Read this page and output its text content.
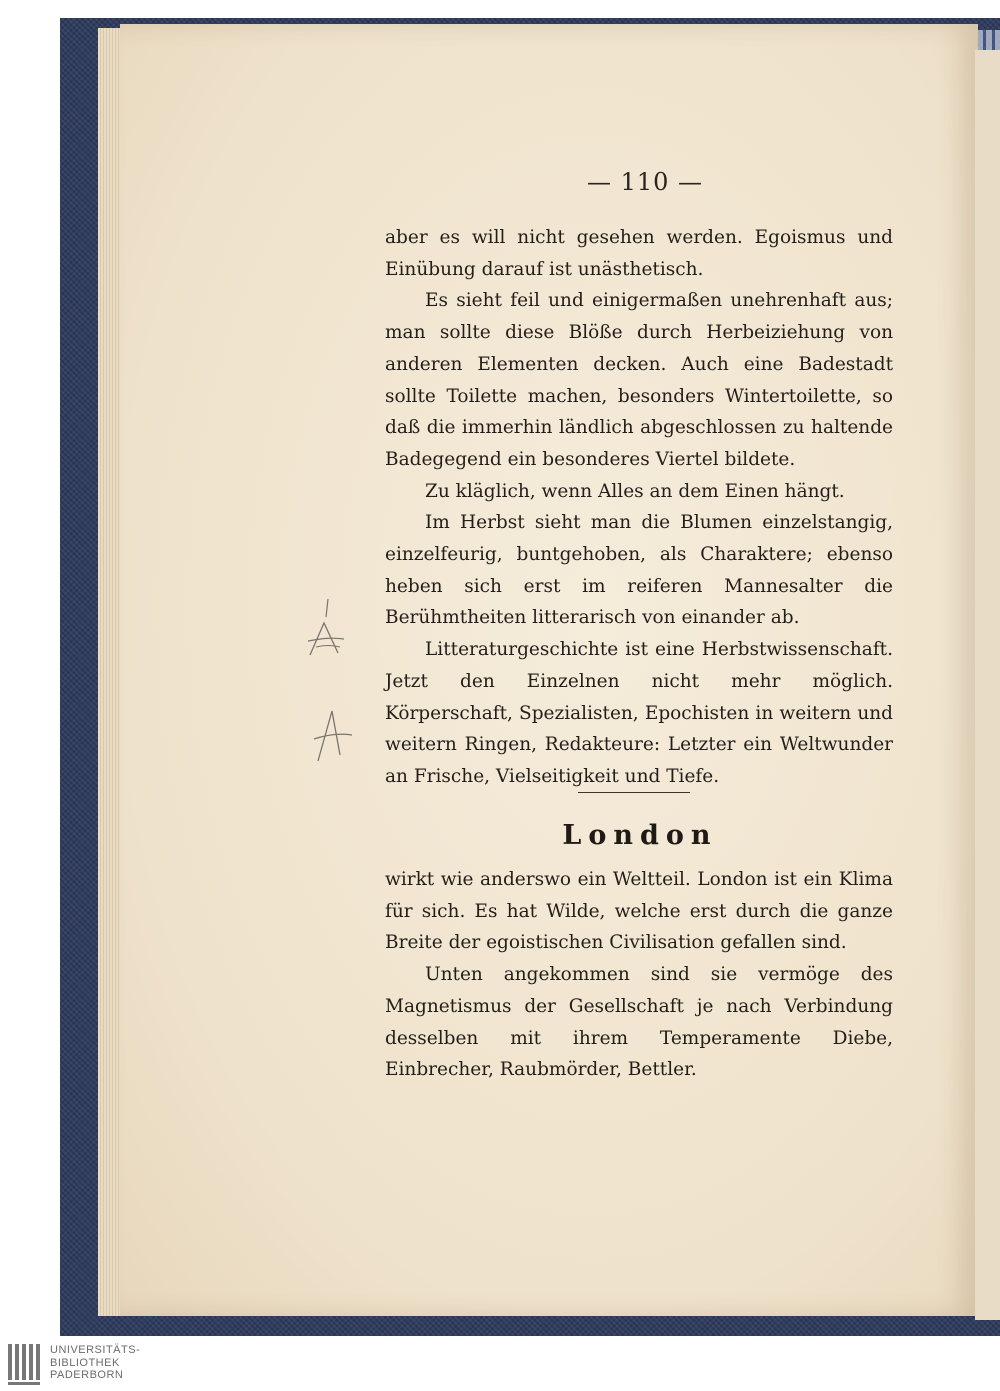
— 110 —

aber es will nicht gesehen werden. Egoismus und Einübung darauf ist unästhetisch.

Es sieht feil und einigermaßen unehrenhaft aus; man sollte diese Blöße durch Herbeiziehung von anderen Elementen decken. Auch eine Badestadt sollte Toilette machen, besonders Wintertoilette, so daß die immerhin ländlich abgeschlossen zu haltende Badegegend ein besonderes Viertel bildete.

Zu kläglich, wenn Alles an dem Einen hängt.

Im Herbst sieht man die Blumen einzelstangig, einzelfeurig, buntgehoben, als Charaktere; ebenso heben sich erst im reiferen Mannesalter die Berühmtheiten litterarisch von einander ab.

Litteraturgeschichte ist eine Herbstwissenschaft. Jetzt den Einzelnen nicht mehr möglich. Körperschaft, Spezialisten, Epochisten in weitern und weitern Ringen, Redakteure: Letzter ein Weltwunder an Frische, Vielseitigkeit und Tiefe.

London

wirkt wie anderswo ein Weltteil. London ist ein Klima für sich. Es hat Wilde, welche erst durch die ganze Breite der egoistischen Civilisation gefallen sind.

Unten angekommen sind sie vermöge des Magnetismus der Gesellschaft je nach Verbindung desselben mit ihrem Temperamente Diebe, Einbrecher, Raubmörder, Bettler.

UNIVERSITÄTS-
BIBLIOTHEK
PADERBORN
